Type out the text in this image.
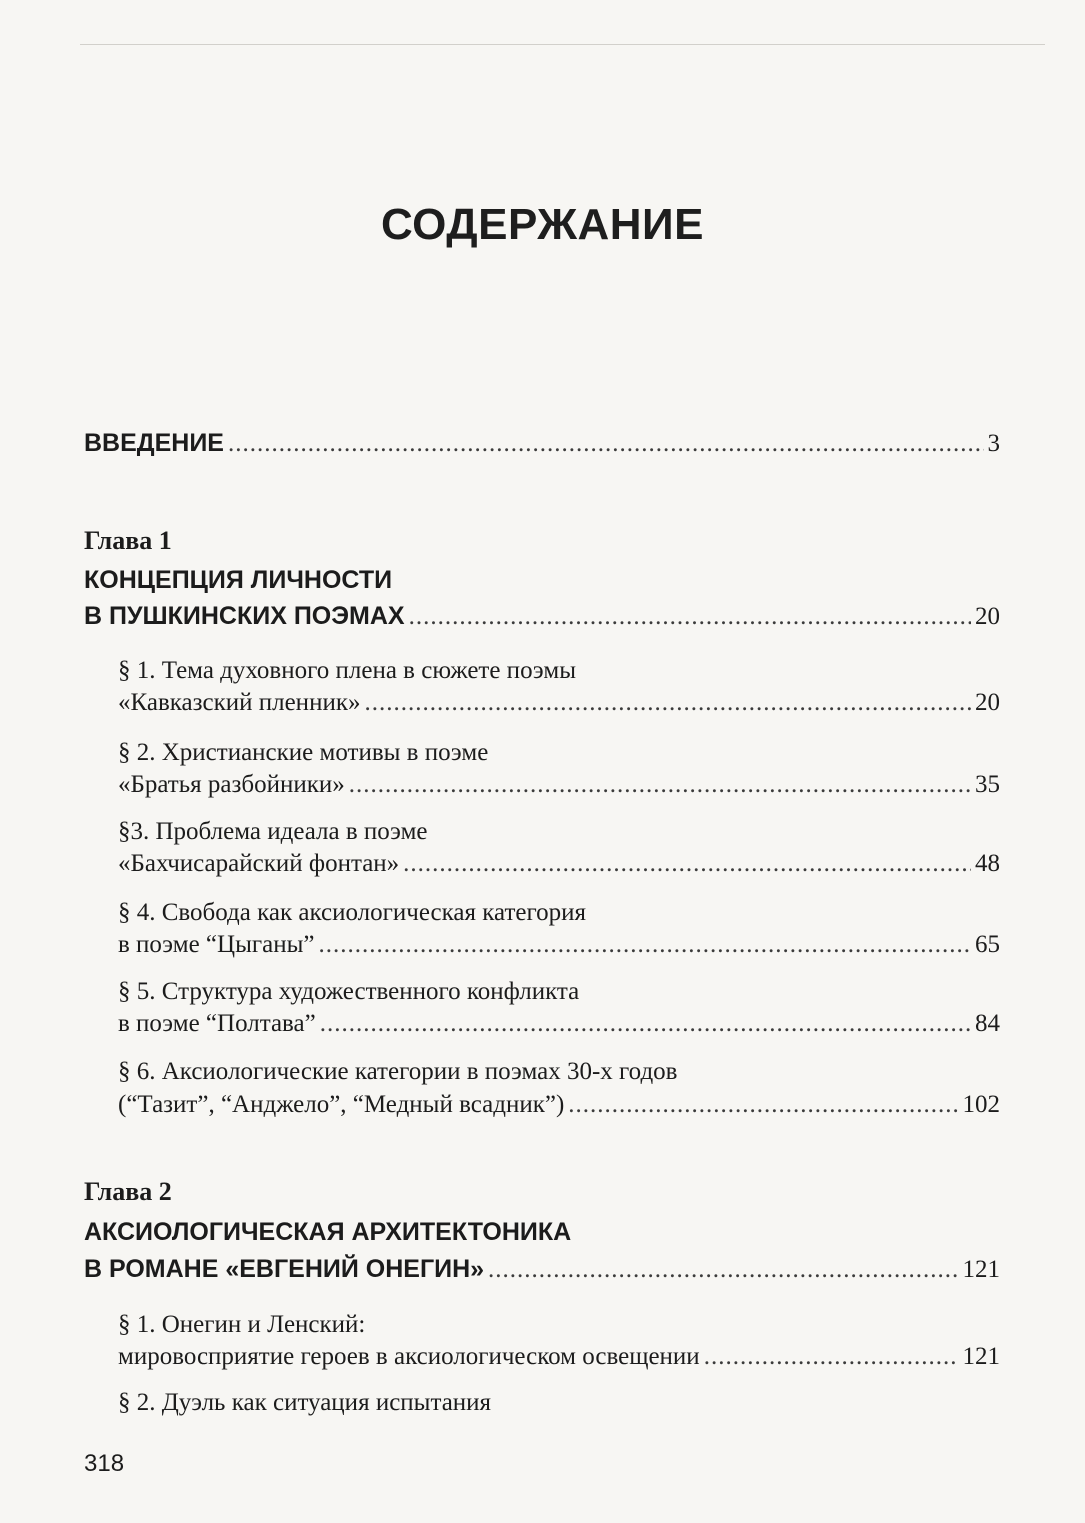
СОДЕРЖАНИЕ
ВВЕДЕНИЕ .....	3
Глава 1
КОНЦЕПЦИЯ ЛИЧНОСТИ
В ПУШКИНСКИХ ПОЭМАХ .....	20
§ 1. Тема духовного плена в сюжете поэмы
«Кавказский пленник» .....	20
§ 2. Христианские мотивы в поэме
«Братья разбойники» .....	35
§3. Проблема идеала в поэме
«Бахчисарайский фонтан» .....	48
§ 4. Свобода как аксиологическая категория
в поэме “Цыганы” .....	65
§ 5. Структура художественного конфликта
в поэме “Полтава” .....	84
§ 6. Аксиологические категории в поэмах 30-х годов
(“Тазит”, “Анджело”, “Медный всадник”) .....	102
Глава 2
АКСИОЛОГИЧЕСКАЯ АРХИТЕКТОНИКА
В РОМАНЕ «ЕВГЕНИЙ ОНЕГИН» .....	121
§ 1. Онегин и Ленский:
мировосприятие героев в аксиологическом освещении .....	121
§ 2. Дуэль как ситуация испытания
318
